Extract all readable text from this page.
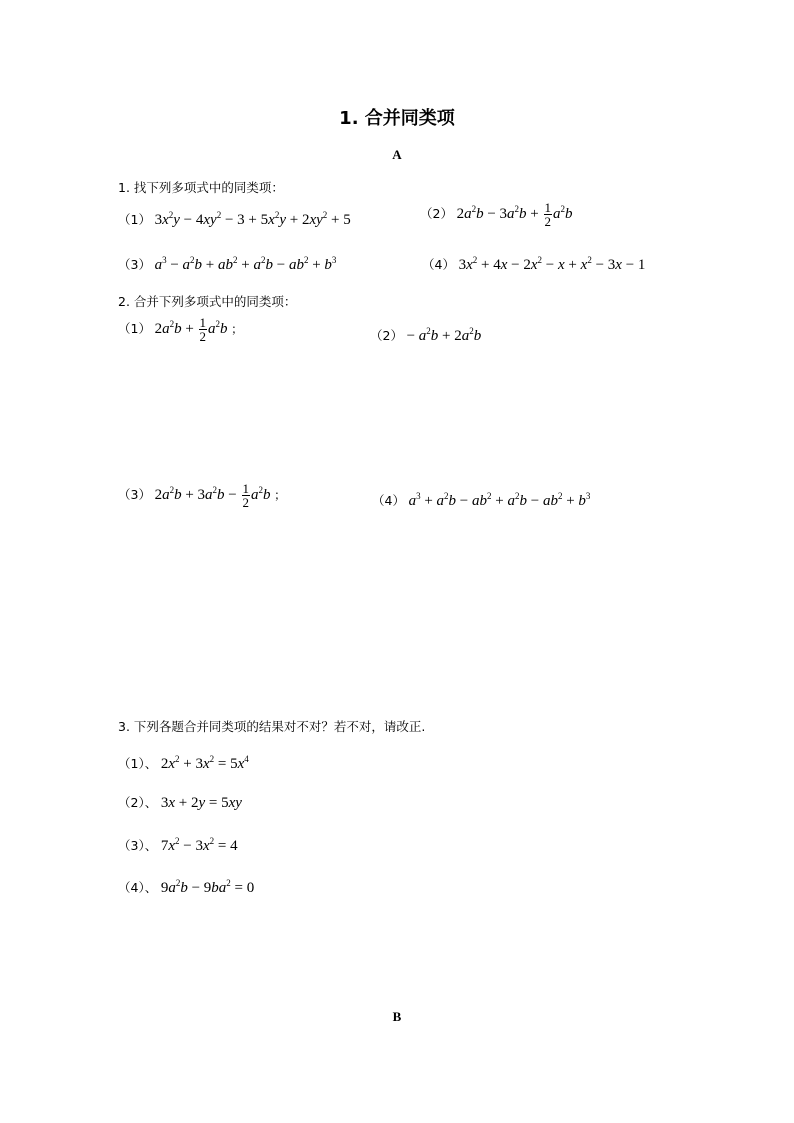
1. 合并同类项
A
1. 找下列多项式中的同类项：
（1） $3x^2y - 4xy^2 - 3 + 5x^2y + 2xy^2 + 5$	（2） $2a^2b - 3a^2b + \frac{1}{2} a^2b$
（3） $a^3 - a^2b + ab^2 + a^2b - ab^2 + b^3$	（4） $3x^2 + 4x - 2x^2 - x + x^2 - 3x - 1$
2. 合并下列多项式中的同类项：
（1） $2a^2b + \frac{1}{2} a^2b$ ；	$(2) - a^2b + 2a^2b$
（3） $2a^2b + 3a^2b - \frac{1}{2} a^2b$ ；	（4） $a^3 + a^2b - ab^2 + a^2b - ab^2 + b^3$
3. 下列各题合并同类项的结果对不对？若不对，请改正.
（1）、 $2x^2 + 3x^2 = 5x^4$
（2）、 3x + 2y = 5xy
（3）、 $7x^2 - 3x^2 = 4$
（4）、 $9a^2b - 9ba^2 = 0$
B
